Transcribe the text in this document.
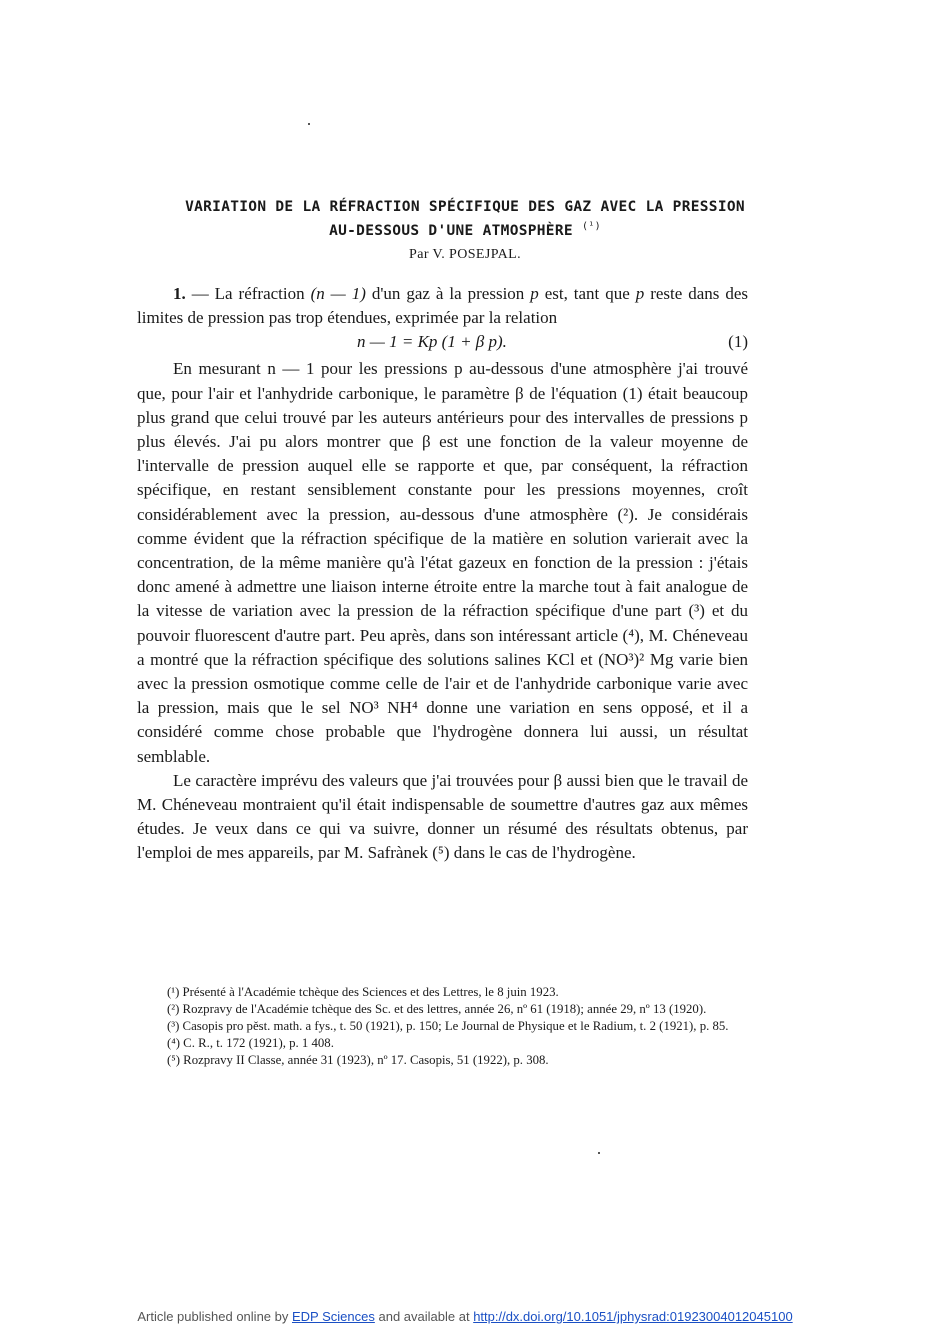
VARIATION DE LA RÉFRACTION SPÉCIFIQUE DES GAZ AVEC LA PRESSION
AU-DESSOUS D'UNE ATMOSPHÈRE $^{(^1)}$
Par V. POSEJPAL.

1. — La réfraction (n — 1) d'un gaz à la pression p est, tant que p reste dans des limites de pression pas trop étendues, exprimée par la relation

n — 1 = Kp (1 + β p).	(1)

En mesurant n — 1 pour les pressions p au-dessous d'une atmosphère j'ai trouvé que, pour l'air et l'anhydride carbonique, le paramètre β de l'équation (1) était beaucoup plus grand que celui trouvé par les auteurs antérieurs pour des intervalles de pressions p plus élevés. J'ai pu alors montrer que β est une fonction de la valeur moyenne de l'intervalle de pression auquel elle se rapporte et que, par conséquent, la réfraction spécifique, en restant sensiblement constante pour les pressions moyennes, croît considérablement avec la pression, au-dessous d'une atmosphère (²). Je considérais comme évident que la réfraction spécifique de la matière en solution varierait avec la concentration, de la même manière qu'à l'état gazeux en fonction de la pression : j'étais donc amené à admettre une liaison interne étroite entre la marche tout à fait analogue de la vitesse de variation avec la pression de la réfraction spécifique d'une part (³) et du pouvoir fluorescent d'autre part. Peu après, dans son intéressant article (⁴), M. Chéneveau a montré que la réfraction spécifique des solutions salines KCl et (NO³)² Mg varie bien avec la pression osmotique comme celle de l'air et de l'anhydride carbonique varie avec la pression, mais que le sel NO³ NH⁴ donne une variation en sens opposé, et il a considéré comme chose probable que l'hydrogène donnera lui aussi, un résultat semblable.

Le caractère imprévu des valeurs que j'ai trouvées pour β aussi bien que le travail de M. Chéneveau montraient qu'il était indispensable de soumettre d'autres gaz aux mêmes études. Je veux dans ce qui va suivre, donner un résumé des résultats obtenus, par l'emploi de mes appareils, par M. Safrànek (⁵) dans le cas de l'hydrogène.

(¹) Présenté à l'Académie tchèque des Sciences et des Lettres, le 8 juin 1923.

(²) Rozpravy de l'Académie tchèque des Sc. et des lettres, année 26, nº 61 (1918); année 29, nº 13 (1920).

(³) Casopis pro pěst. math. a fys., t. 50 (1921), p. 150; Le Journal de Physique et le Radium, t. 2 (1921), p. 85.

(⁴) C. R., t. 172 (1921), p. 1 408.

(⁵) Rozpravy II Classe, année 31 (1923), nº 17. Casopis, 51 (1922), p. 308.

Article published online by EDP Sciences and available at http://dx.doi.org/10.1051/jphysrad:01923004012045100
